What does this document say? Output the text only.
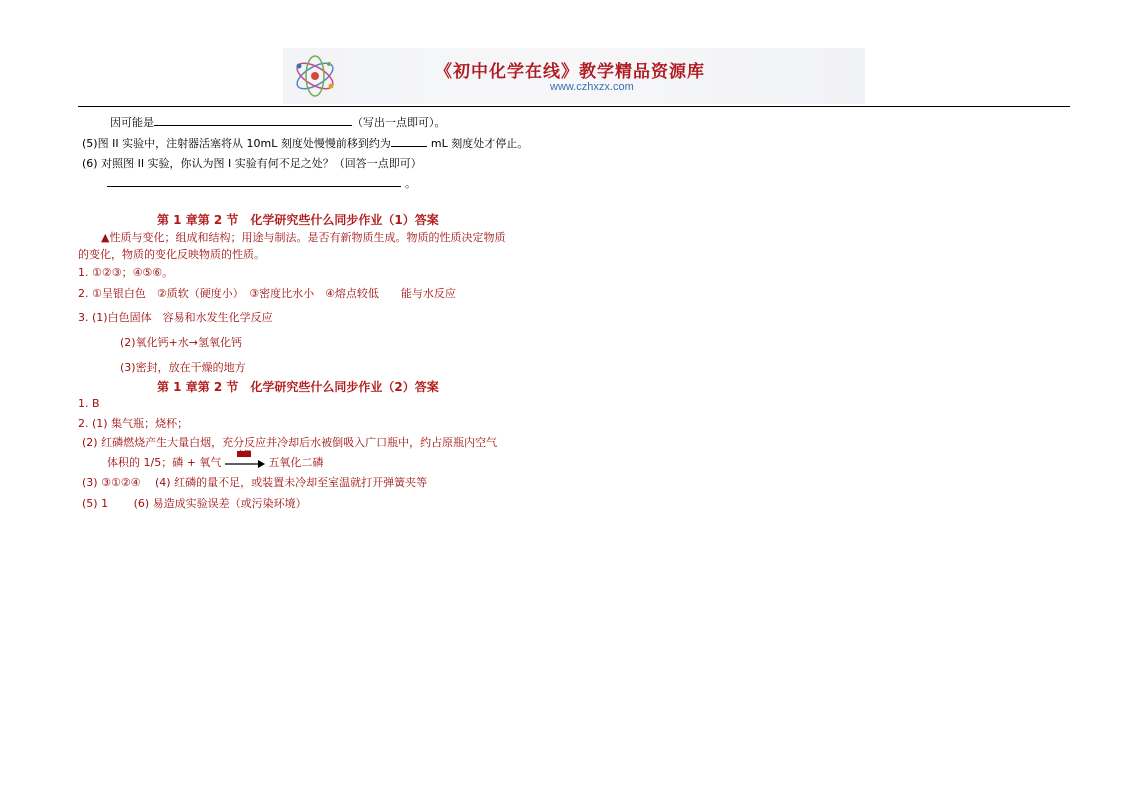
《初中化学在线》教学精品资源库
www.czhxzx.com
因可能是	（写出一点即可）。
(5)图 II 实验中，注射器活塞将从 10mL 刻度处慢慢前移到约为	mL 刻度处才停止。
(6) 对照图 II 实验，你认为图 I 实验有何不足之处？（回答一点即可）
。
第 1 章第 2 节　化学研究些什么同步作业（1）答案
▲性质与变化；组成和结构；用途与制法。是否有新物质生成。物质的性质决定物质
的变化，物质的变化反映物质的性质。
1. ①②③；④⑤⑥。
2. ①呈银白色　②质软（硬度小）　③密度比水小　④熔点较低　　能与水反应
3. (1)白色固体　容易和水发生化学反应
(2)氧化钙+水→氢氧化钙
(3)密封，放在干燥的地方
第 1 章第 2 节　化学研究些什么同步作业（2）答案
1. B
2. (1) 集气瓶；烧杯；
(2) 红磷燃烧产生大量白烟，充分反应并冷却后水被倒吸入广口瓶中，约占原瓶内空气
体积的 1/5；磷 + 氧气
点燃
五氧化二磷
(3) ③①②④　 (4) 红磷的量不足，或装置未冷却至室温就打开弹簧夹等
(5) 1　　 (6) 易造成实验误差（或污染环境）
